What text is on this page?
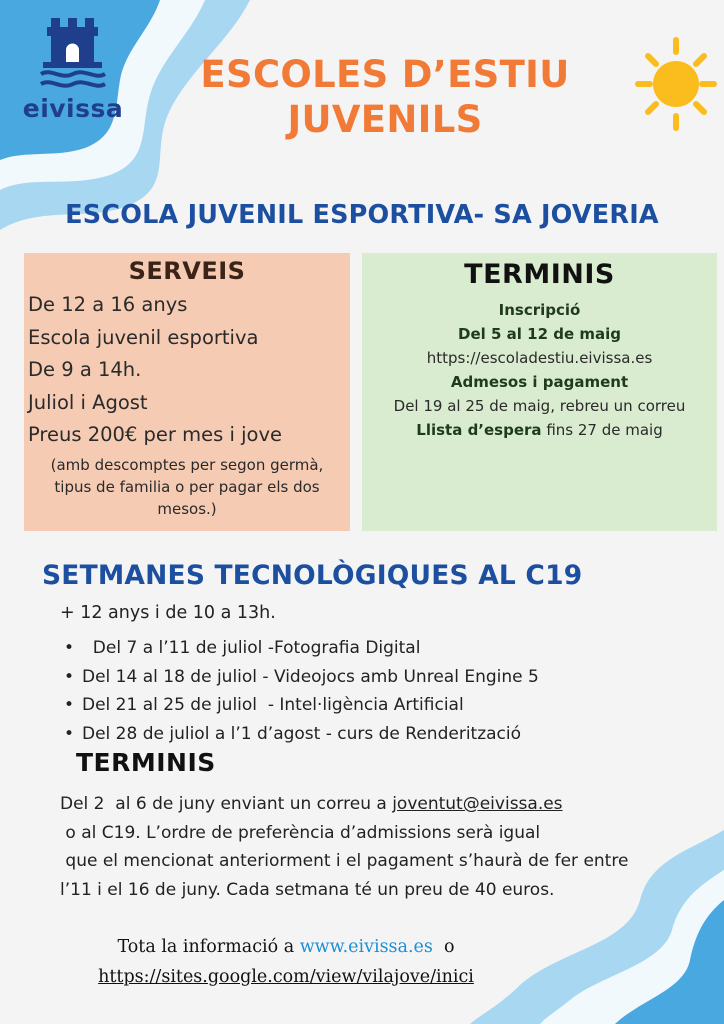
eivissa
ESCOLES D’ESTIU
JUVENILS
ESCOLA JUVENIL ESPORTIVA- SA JOVERIA
SERVEIS
De 12 a 16 anys
Escola juvenil esportiva
De 9 a 14h.
Juliol i Agost
Preus 200€ per mes i jove
(amb descomptes per segon germà, tipus de familia o per pagar els dos mesos.)
TERMINIS
Inscripció
Del 5 al 12 de maig
https://escoladestiu.eivissa.es
Admesos i pagament
Del 19 al 25 de maig, rebreu un correu
Llista d’espera fins 27 de maig
SETMANES TECNOLÒGIQUES AL C19
+ 12 anys i de 10 a 13h.
•  Del 7 a l’11 de juliol -Fotografia Digital
• Del 14 al 18 de juliol - Videojocs amb Unreal Engine 5
• Del 21 al 25 de juliol  - Intel·ligència Artificial
• Del 28 de juliol a l’1 d’agost - curs de Renderització
TERMINIS
Del 2  al 6 de juny enviant un correu a joventut@eivissa.es
o al C19. L’ordre de preferència d’admissions serà igual
que el mencionat anteriorment i el pagament s’haurà de fer entre
l’11 i el 16 de juny. Cada setmana té un preu de 40 euros.
Tota la informació a www.eivissa.es  o
https://sites.google.com/view/vilajove/inici
